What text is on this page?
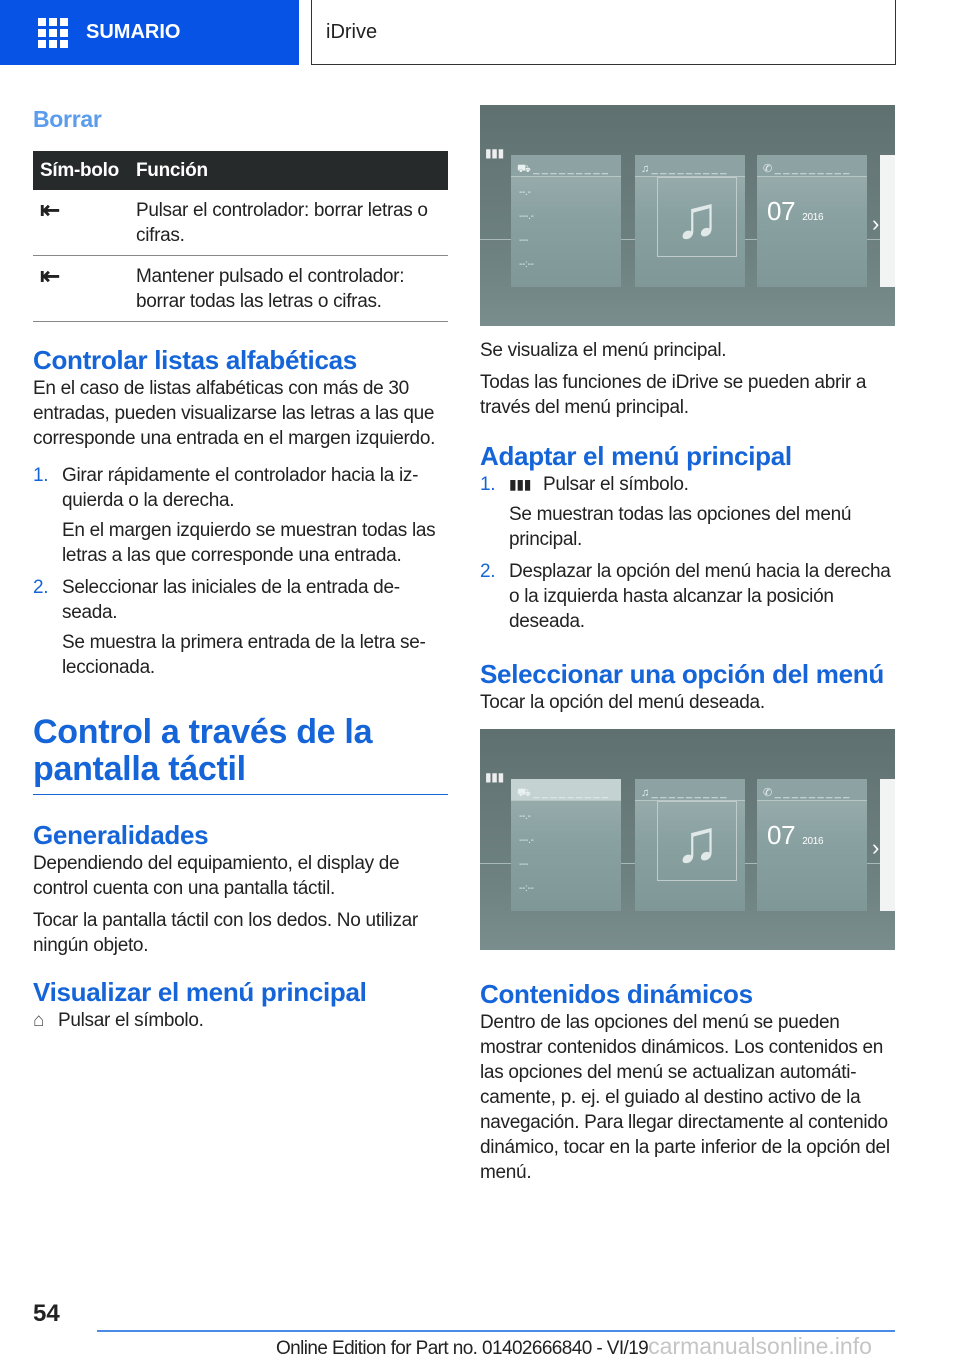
SUMARIO	iDrive
Borrar
Sím-bolo	Función
⇤	Pulsar el controlador: borrar letras o cifras.
⇤	Mantener pulsado el controlador: borrar todas las letras o cifras.
Controlar listas alfabéticas

En el caso de listas alfabéticas con más de 30 entradas, pueden visualizarse las letras a las que corresponde una entrada en el margen izquierdo.

1. Girar rápidamente el controlador hacia la izquierda o la derecha.
En el margen izquierdo se muestran todas las letras a las que corresponde una entrada.
2. Seleccionar las iniciales de la entrada deseada.
Se muestra la primera entrada de la letra seleccionada.
Control a través de la pantalla táctil
Generalidades

Dependiendo del equipamiento, el display de control cuenta con una pantalla táctil.

Tocar la pantalla táctil con los dedos. No utilizar ningún objeto.

Visualizar el menú principal

⌂ Pulsar el símbolo.

▮▮▮
⛟ _ _ _ _ _ _ _ _ _
--.-
---.-
---
--:--
♫ _ _ _ _ _ _ _ _ _
♫
✆ _ _ _ _ _ _ _ _ _
07 2016 ›

Se visualiza el menú principal.

Todas las funciones de iDrive se pueden abrir a través del menú principal.

Adaptar el menú principal
1. ▮▮▮ Pulsar el símbolo.
Se muestran todas las opciones del menú principal.
2. Desplazar la opción del menú hacia la derecha o la izquierda hasta alcanzar la posición deseada.
Seleccionar una opción del menú

Tocar la opción del menú deseada.

▮▮▮
⛟ _ _ _ _ _ _ _ _ _
--.-
---.-
---
--:--
♫ _ _ _ _ _ _ _ _ _
♫
✆ _ _ _ _ _ _ _ _ _
07 2016 ›
Contenidos dinámicos

Dentro de las opciones del menú se pueden mostrar contenidos dinámicos. Los contenidos en las opciones del menú se actualizan automáticamente, p. ej. el guiado al destino activo de la navegación. Para llegar directamente al contenido dinámico, tocar en la parte inferior de la opción del menú.

54
Online Edition for Part no. 01402666840 - VI/19carmanualsonline.info
